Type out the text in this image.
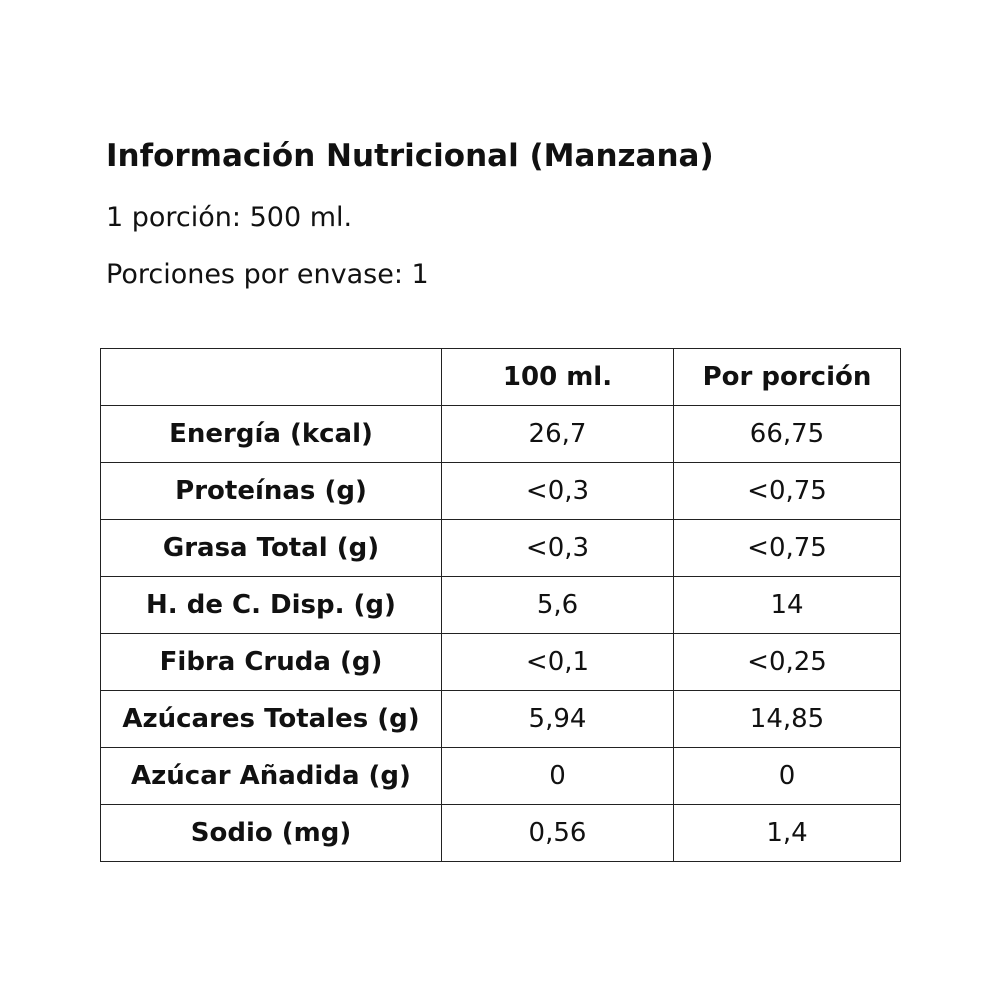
Información Nutricional (Manzana)

1 porción: 500 ml.

Porciones por envase: 1

	100 ml.	Por porción
Energía (kcal)	26,7	66,75
Proteínas (g)	<0,3	<0,75
Grasa Total (g)	<0,3	<0,75
H. de C. Disp. (g)	5,6	14
Fibra Cruda (g)	<0,1	<0,25
Azúcares Totales (g)	5,94	14,85
Azúcar Añadida (g)	0	0
Sodio (mg)	0,56	1,4
